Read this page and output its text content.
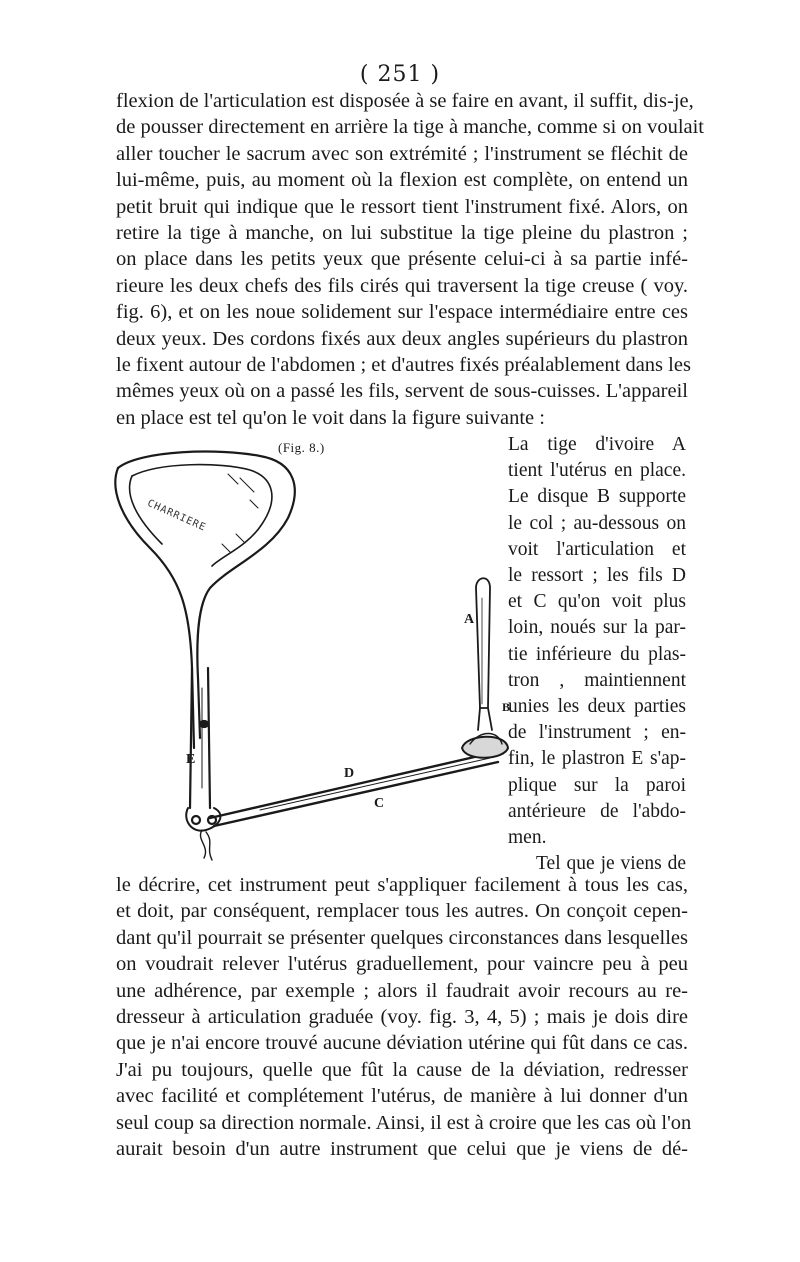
( 251 )
flexion de l'articulation est disposée à se faire en avant, il suffit, dis-je,
de pousser directement en arrière la tige à manche, comme si on voulait
aller toucher le sacrum avec son extrémité ; l'instrument se fléchit de
lui-même, puis, au moment où la flexion est complète, on entend un
petit bruit qui indique que le ressort tient l'instrument fixé. Alors, on
retire la tige à manche, on lui substitue la tige pleine du plastron ;
on place dans les petits yeux que présente celui-ci à sa partie infé-
rieure les deux chefs des fils cirés qui traversent la tige creuse ( voy.
fig. 6), et on les noue solidement sur l'espace intermédiaire entre ces
deux yeux. Des cordons fixés aux deux angles supérieurs du plastron
le fixent autour de l'abdomen ; et d'autres fixés préalablement dans les
mêmes yeux où on a passé les fils, servent de sous-cuisses. L'appareil
en place est tel qu'on le voit dans la figure suivante :
(Fig. 8.)
CHARRIERE
A
B
E
D
C
La tige d'ivoire A
tient l'utérus en place.
Le disque B supporte
le col ; au-dessous on
voit l'articulation et
le ressort ; les fils D
et C qu'on voit plus
loin, noués sur la par-
tie inférieure du plas-
tron , maintiennent
unies les deux parties
de l'instrument ; en-
fin, le plastron E s'ap-
plique sur la paroi
antérieure de l'abdo-
men.
Tel que je viens de
le décrire, cet instrument peut s'appliquer facilement à tous les cas,
et doit, par conséquent, remplacer tous les autres. On conçoit cepen-
dant qu'il pourrait se présenter quelques circonstances dans lesquelles
on voudrait relever l'utérus graduellement, pour vaincre peu à peu
une adhérence, par exemple ; alors il faudrait avoir recours au re-
dresseur à articulation graduée (voy. fig. 3, 4, 5) ; mais je dois dire
que je n'ai encore trouvé aucune déviation utérine qui fût dans ce cas.
J'ai pu toujours, quelle que fût la cause de la déviation, redresser
avec facilité et complétement l'utérus, de manière à lui donner d'un
seul coup sa direction normale. Ainsi, il est à croire que les cas où l'on
aurait besoin d'un autre instrument que celui que je viens de dé-
